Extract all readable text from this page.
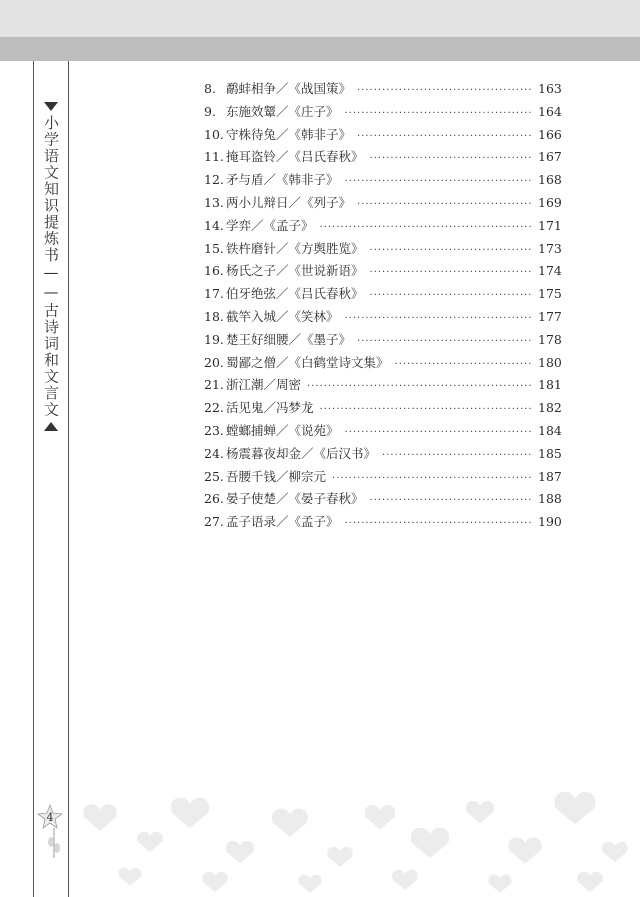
小学语文知识提炼书——古诗词和文言文
4
8. 鹬蚌相争／《战国策》 ·····	163
9. 东施效颦／《庄子》 ·····	164
10. 守株待兔／《韩非子》 ·····	166
11. 掩耳盗铃／《吕氏春秋》 ·····	167
12. 矛与盾／《韩非子》 ·····	168
13. 两小儿辩日／《列子》 ·····	169
14. 学弈／《孟子》 ·····	171
15. 铁杵磨针／《方舆胜览》 ·····	173
16. 杨氏之子／《世说新语》 ·····	174
17. 伯牙绝弦／《吕氏春秋》 ·····	175
18. 截竿入城／《笑林》 ·····	177
19. 楚王好细腰／《墨子》 ·····	178
20. 蜀鄙之僧／《白鹤堂诗文集》 ·····	180
21. 浙江潮／周密 ·····	181
22. 活见鬼／冯梦龙 ·····	182
23. 螳螂捕蝉／《说苑》 ·····	184
24. 杨震暮夜却金／《后汉书》 ·····	185
25. 吾腰千钱／柳宗元 ·····	187
26. 晏子使楚／《晏子春秋》 ·····	188
27. 孟子语录／《孟子》 ·····	190
